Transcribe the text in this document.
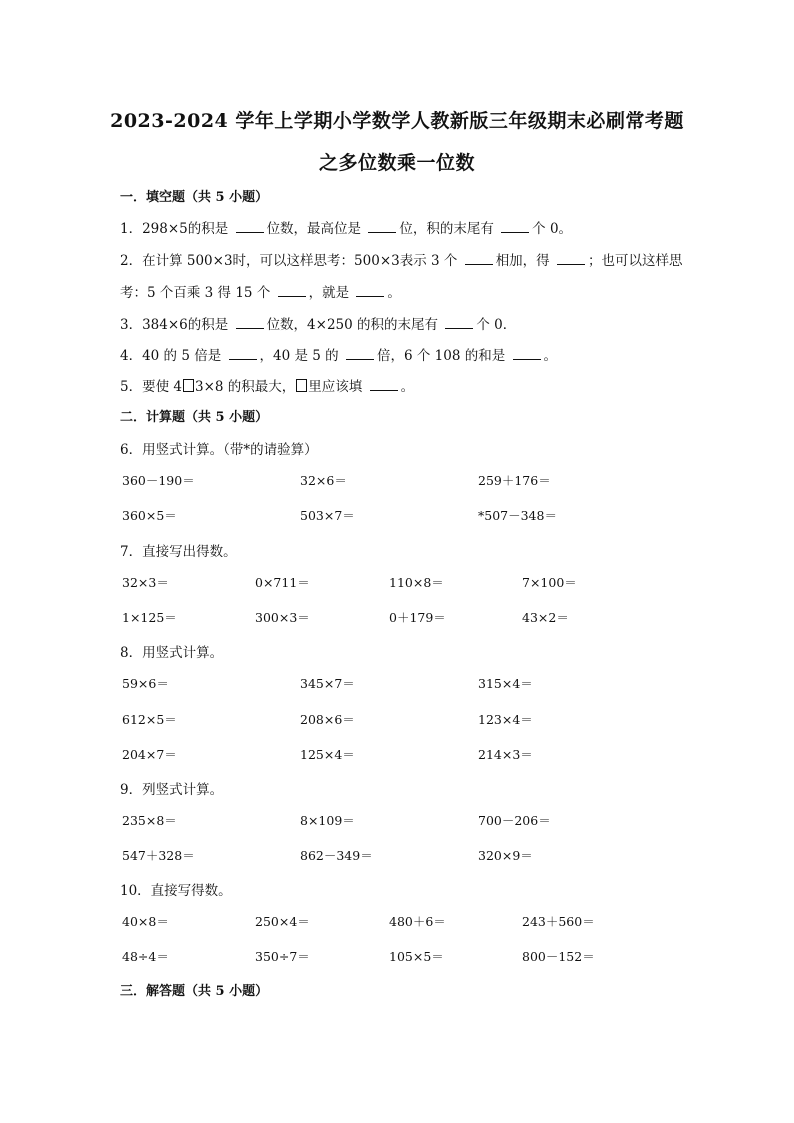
2023-2024 学年上学期小学数学人教新版三年级期末必刷常考题
之多位数乘一位数
一．填空题（共 5 小题）
1．298×5的积是	位数，最高位是	位，积的末尾有	个 0。
2．在计算 500×3时，可以这样思考：500×3表示 3 个	相加，得	；也可以这样思
考：5 个百乘 3 得 15 个	，就是	。
3．384×6的积是	位数，4×250 的积的末尾有	个 0．
4．40 的 5 倍是	，40 是 5 的	倍，6 个 108 的和是	。
5．要使 4 3×8 的积最大， 里应该填	。
二．计算题（共 5 小题）
6．用竖式计算。（带*的请验算）
360－190＝	32×6＝	259＋176＝
360×5＝	503×7＝	*507－348＝
7．直接写出得数。
32×3＝	0×711＝	110×8＝	7×100＝
1×125＝	300×3＝	0＋179＝	43×2＝
8．用竖式计算。
59×6＝	345×7＝	315×4＝
612×5＝	208×6＝	123×4＝
204×7＝	125×4＝	214×3＝
9．列竖式计算。
235×8＝	8×109＝	700－206＝
547＋328＝	862－349＝	320×9＝
10．直接写得数。
40×8＝	250×4＝	480＋6＝	243＋560＝
48÷4＝	350÷7＝	105×5＝	800－152＝
三．解答题（共 5 小题）
